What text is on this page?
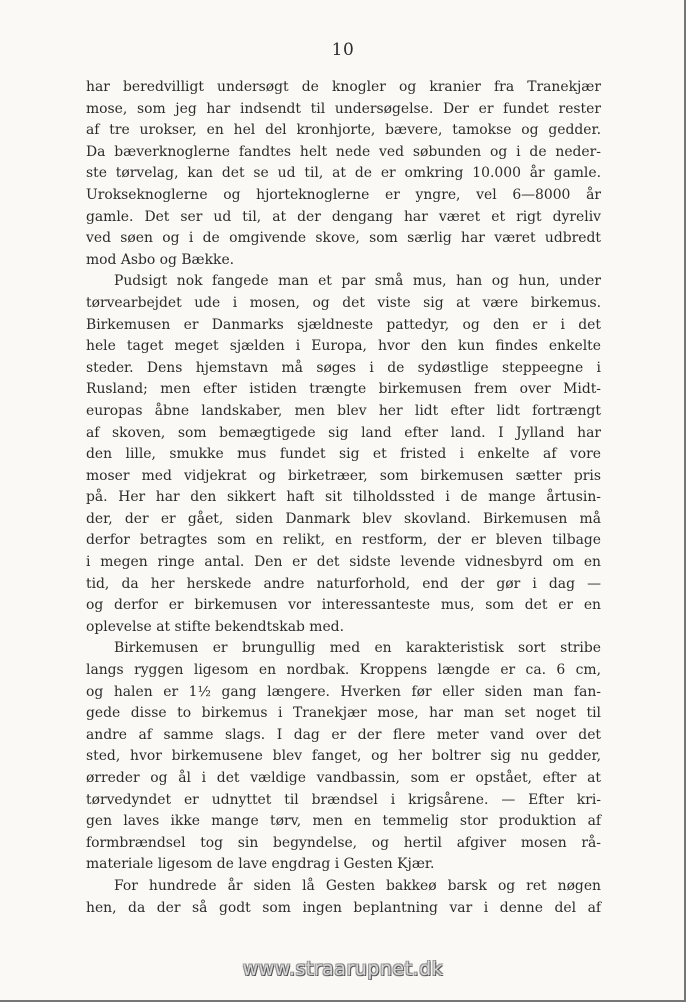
10
har beredvilligt undersøgt de knogler og kranier fra Tranekjær
mose, som jeg har indsendt til undersøgelse. Der er fundet rester
af tre urokser, en hel del kronhjorte, bævere, tamokse og gedder.
Da bæverknoglerne fandtes helt nede ved søbunden og i de neder-
ste tørvelag, kan det se ud til, at de er omkring 10.000 år gamle.
Urokseknoglerne og hjorteknoglerne er yngre, vel 6—8000 år
gamle. Det ser ud til, at der dengang har været et rigt dyreliv
ved søen og i de omgivende skove, som særlig har været udbredt
mod Asbo og Bække.
Pudsigt nok fangede man et par små mus, han og hun, under
tørvearbejdet ude i mosen, og det viste sig at være birkemus.
Birkemusen er Danmarks sjældneste pattedyr, og den er i det
hele taget meget sjælden i Europa, hvor den kun findes enkelte
steder. Dens hjemstavn må søges i de sydøstlige steppeegne i
Rusland; men efter istiden trængte birkemusen frem over Midt-
europas åbne landskaber, men blev her lidt efter lidt fortrængt
af skoven, som bemægtigede sig land efter land. I Jylland har
den lille, smukke mus fundet sig et fristed i enkelte af vore
moser med vidjekrat og birketræer, som birkemusen sætter pris
på. Her har den sikkert haft sit tilholdssted i de mange årtusin-
der, der er gået, siden Danmark blev skovland. Birkemusen må
derfor betragtes som en relikt, en restform, der er bleven tilbage
i megen ringe antal. Den er det sidste levende vidnesbyrd om en
tid, da her herskede andre naturforhold, end der gør i dag —
og derfor er birkemusen vor interessanteste mus, som det er en
oplevelse at stifte bekendtskab med.
Birkemusen er brungullig med en karakteristisk sort stribe
langs ryggen ligesom en nordbak. Kroppens længde er ca. 6 cm,
og halen er 1½ gang længere. Hverken før eller siden man fan-
gede disse to birkemus i Tranekjær mose, har man set noget til
andre af samme slags. I dag er der flere meter vand over det
sted, hvor birkemusene blev fanget, og her boltrer sig nu gedder,
ørreder og ål i det vældige vandbassin, som er opstået, efter at
tørvedyndet er udnyttet til brændsel i krigsårene. — Efter kri-
gen laves ikke mange tørv, men en temmelig stor produktion af
formbrændsel tog sin begyndelse, og hertil afgiver mosen rå-
materiale ligesom de lave engdrag i Gesten Kjær.
For hundrede år siden lå Gesten bakkeø barsk og ret nøgen
hen, da der så godt som ingen beplantning var i denne del af
www.straarupnet.dk
